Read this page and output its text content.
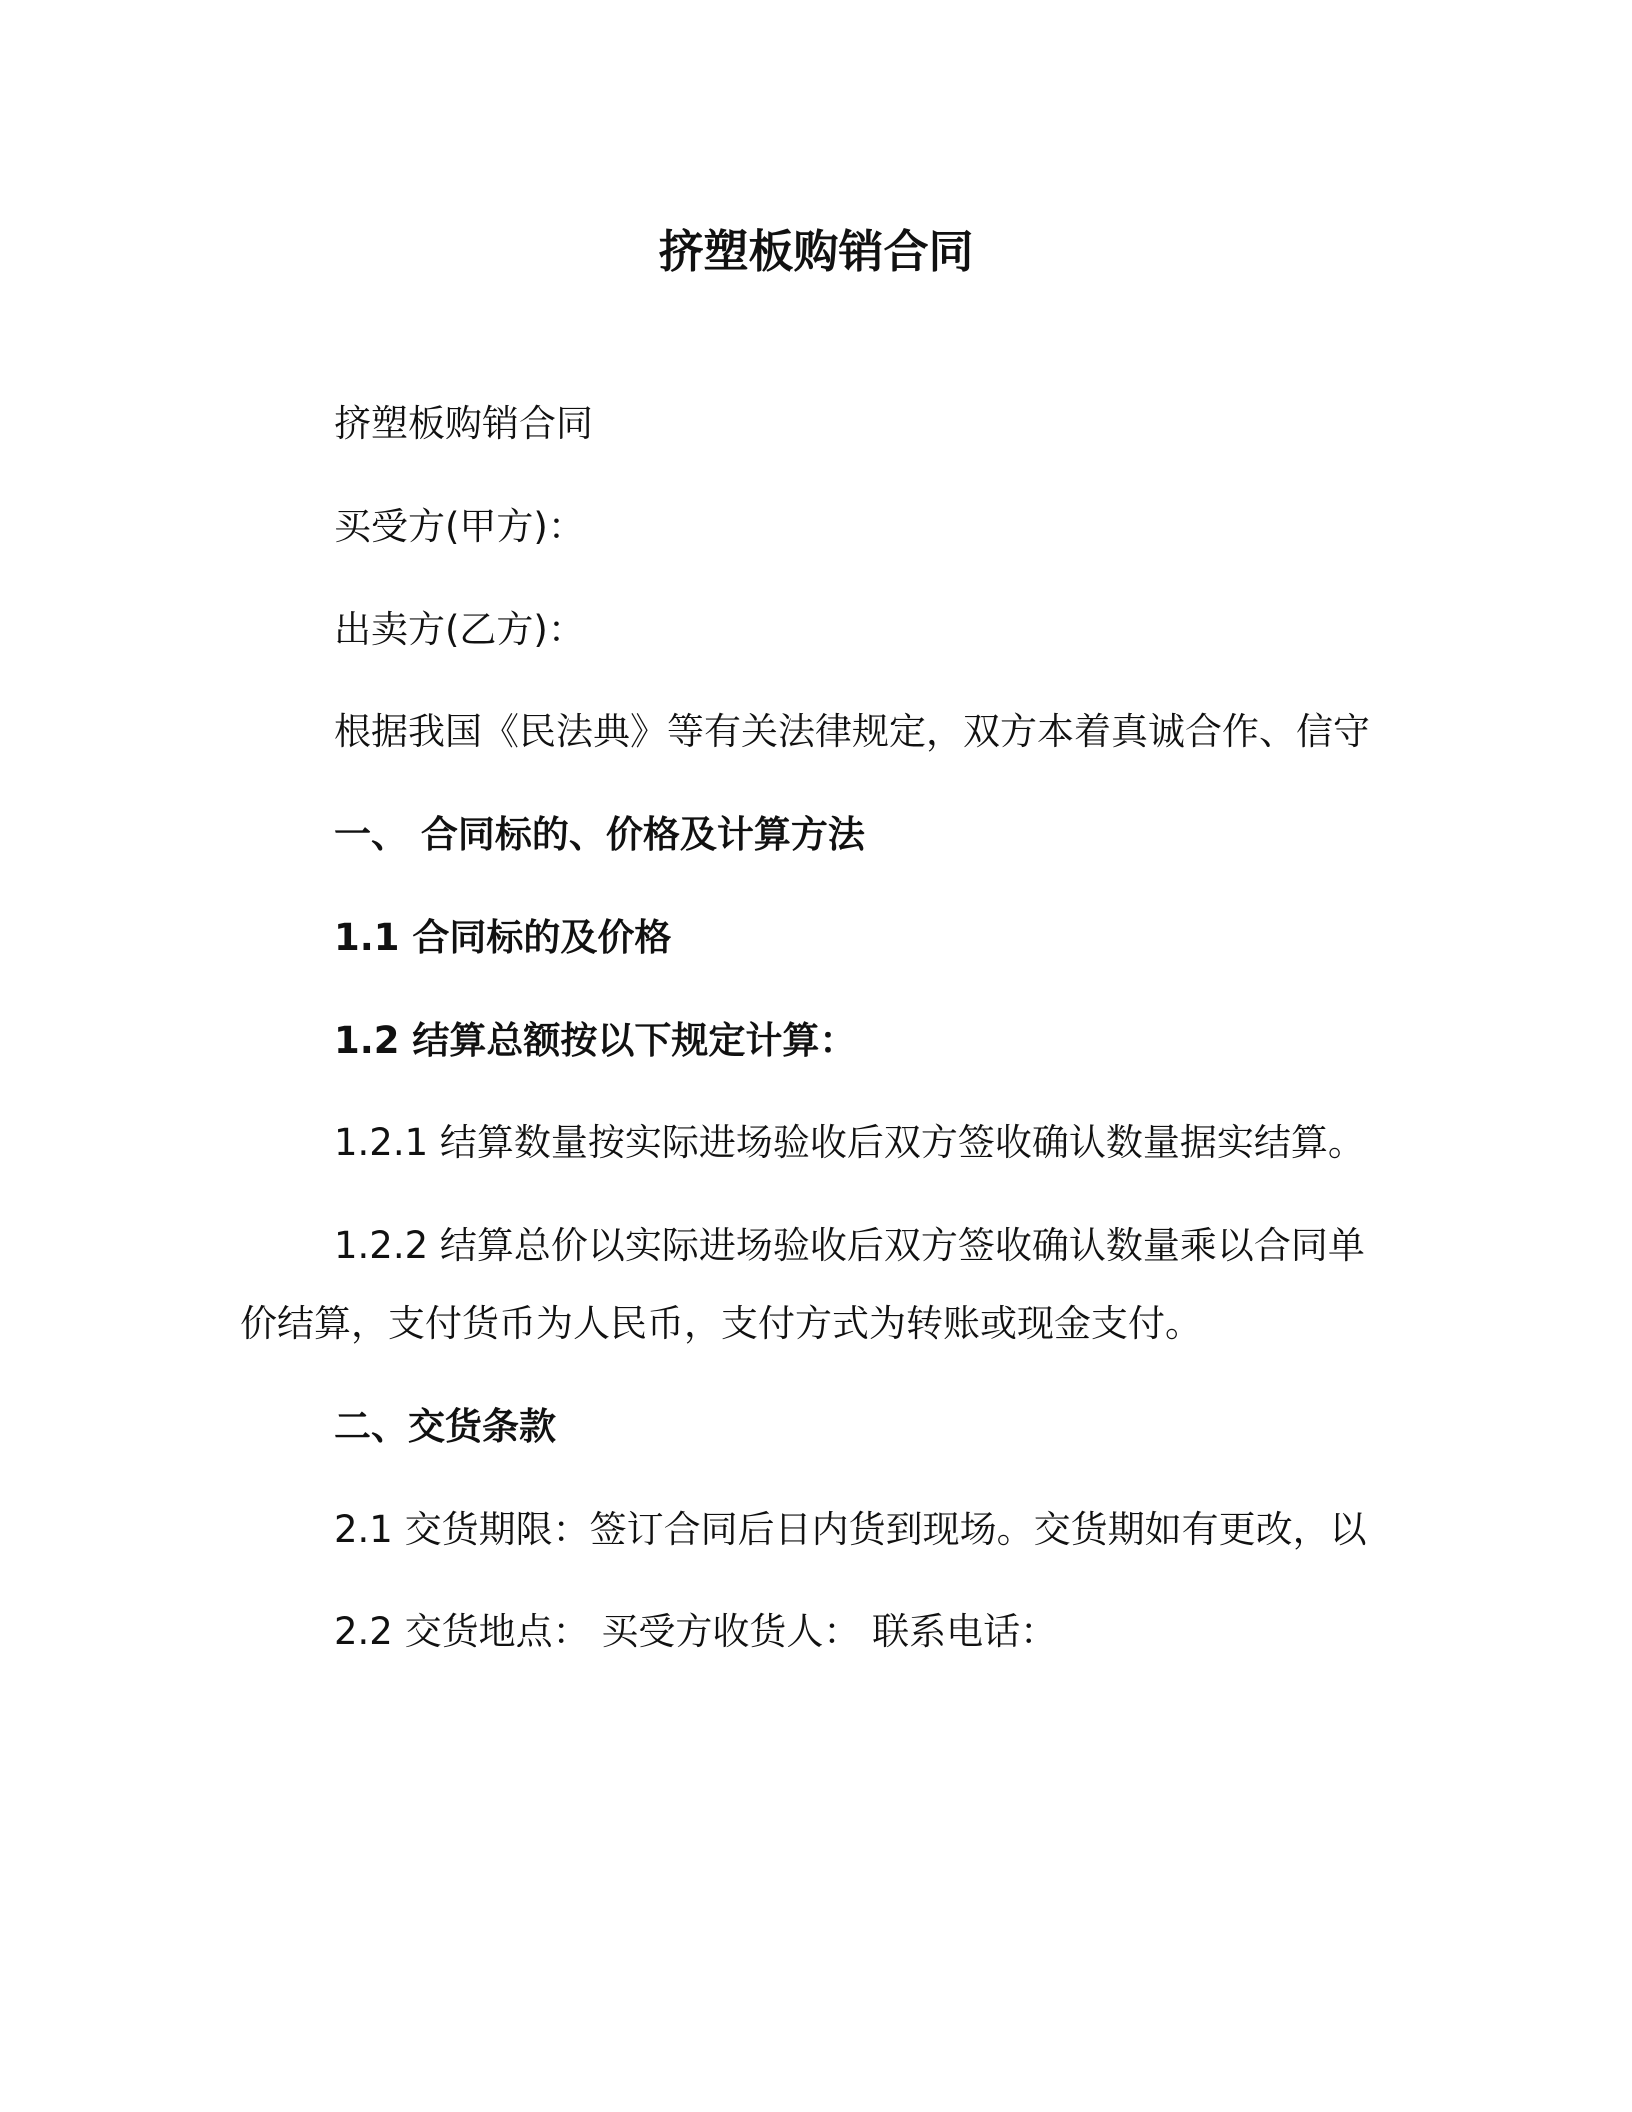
挤塑板购销合同
挤塑板购销合同
买受方(甲方)：
出卖方(乙方)：
根据我国《民法典》等有关法律规定，双方本着真诚合作、信守
一、 合同标的、价格及计算方法
1.1 合同标的及价格
1.2 结算总额按以下规定计算：
1.2.1 结算数量按实际进场验收后双方签收确认数量据实结算。
1.2.2 结算总价以实际进场验收后双方签收确认数量乘以合同单
价结算，支付货币为人民币，支付方式为转账或现金支付。
二、交货条款
2.1 交货期限：签订合同后日内货到现场。交货期如有更改，以
2.2 交货地点： 买受方收货人： 联系电话：
